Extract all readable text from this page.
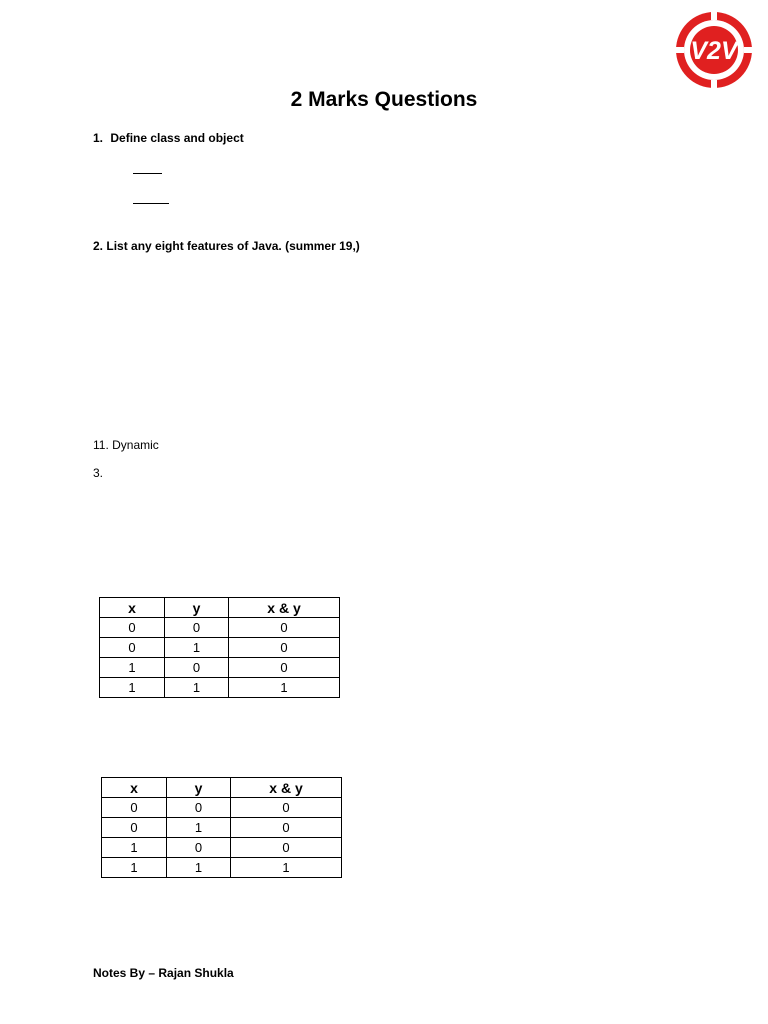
V2V
2 Marks Questions
1. Define class and object
2. List any eight features of Java. (summer 19,)
11. Dynamic
3.
x	y	x & y
0	0	0
0	1	0
1	0	0
1	1	1
x	y	x & y
0	0	0
0	1	0
1	0	0
1	1	1
Notes By – Rajan Shukla
